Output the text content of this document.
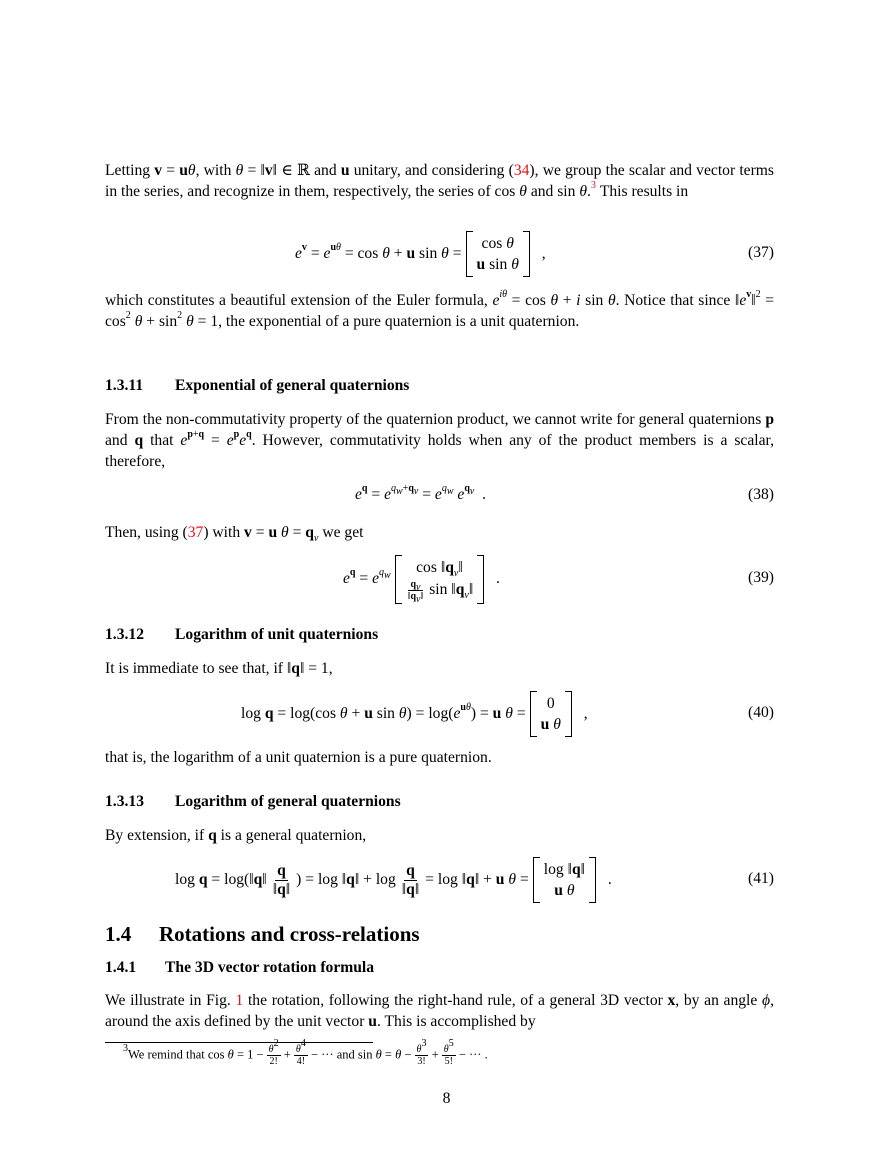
Letting v = uθ, with θ = ‖v‖ ∈ ℝ and u unitary, and considering (34), we group the scalar and vector terms in the series, and recognize in them, respectively, the series of cos θ and sin θ.$^3$ This results in
$e^v = e^{u\theta} = \cos \theta + u$ sin θ =
cos θ
u sin θ
,	(37)
which constitutes a beautiful extension of the Euler formula, $e^{i\theta} = \cos \theta + i$ sin θ. Notice that since $‖e^v‖^2 = \cos^2 \theta + \sin^2 \theta = 1$, the exponential of a pure quaternion is a unit quaternion.
1.3.11 Exponential of general quaternions
From the non-commutativity property of the quaternion product, we cannot write for general quaternions p and q that $e^{p+q} = e^pe^q$. However, commutativity holds when any of the product members is a scalar, therefore,
$e^q = e^{q_w+q_v} = e^{q_w}$ $e^{q_v}$  .	(38)
Then, using (37) with v = u $\theta = q_v$ we get
$e^q = e^{q_w}$ $\cos ‖q_v‖$
$\frac{q_v}{‖q_v‖}$ $\sin ‖q_v‖$
.	(39)
1.3.12 Logarithm of unit quaternions
It is immediate to see that, if ‖q‖ = 1,
log q = log(cos θ + u $\sin \theta) = \log(e^{u\theta}) = u$ θ =
0
u θ
,	(40)
that is, the logarithm of a unit quaternion is a pure quaternion.
1.3.13 Logarithm of general quaternions
By extension, if q is a general quaternion,
log q = log(‖q‖ $\frac{q}{‖q‖}$ ) = log ‖q‖ + $\log \frac{q}{‖q‖} = \log$ ‖q‖ + u θ =
log ‖q‖
u θ
.	(41)
1.4 Rotations and cross-relations
1.4.1 The 3D vector rotation formula
We illustrate in Fig. 1 the rotation, following the right-hand rule, of a general 3D vector x, by an angle ϕ, around the axis defined by the unit vector u. This is accomplished by
$^3$We remind that $\cos \theta = 1 - \frac{\theta^2}{2!} + \frac{\theta^4}{4!}$ − ··· and $\sin \theta = \theta - \frac{\theta^3}{3!} + \frac{\theta^5}{5!}$ − ··· .
8
